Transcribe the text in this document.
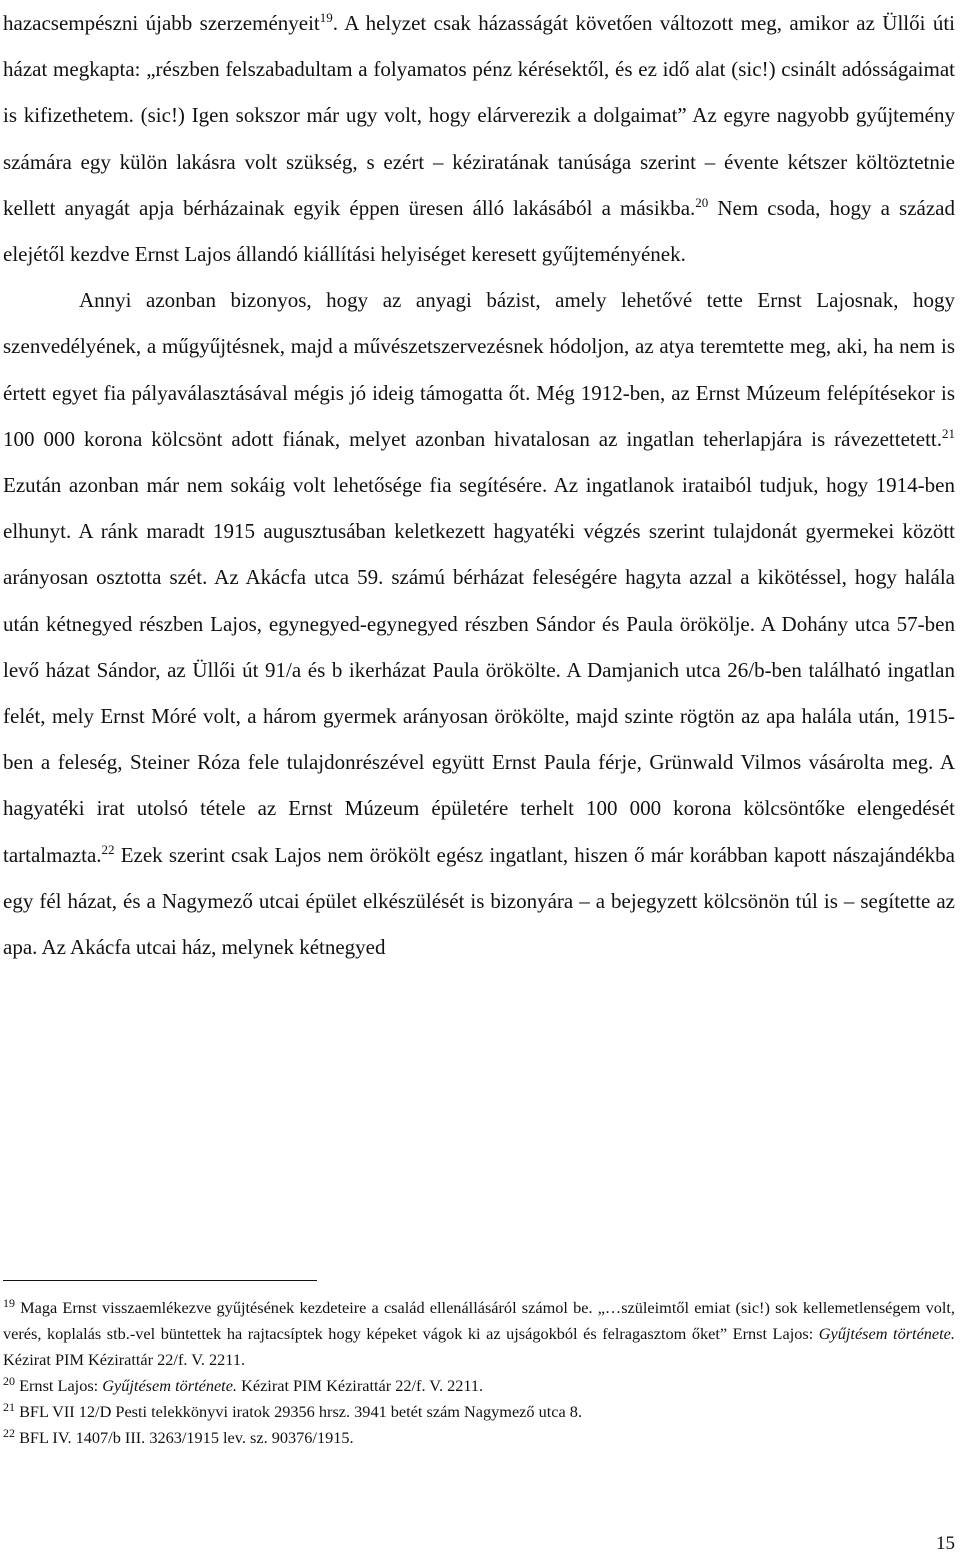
hazacsempészni újabb szerzeményeit$^{19}$. A helyzet csak házasságát követően változott meg, amikor az Üllői úti házat megkapta: „részben felszabadultam a folyamatos pénz kérésektől, és ez idő alat (sic!) csinált adósságaimat is kifizethetem. (sic!) Igen sokszor már ugy volt, hogy elárverezik a dolgaimat” Az egyre nagyobb gyűjtemény számára egy külön lakásra volt szükség, s ezért – kéziratának tanúsága szerint – évente kétszer költöztetnie kellett anyagát apja bérházainak egyik éppen üresen álló lakásából a másikba.$^{20}$ Nem csoda, hogy a század elejétől kezdve Ernst Lajos állandó kiállítási helyiséget keresett gyűjteményének.

Annyi azonban bizonyos, hogy az anyagi bázist, amely lehetővé tette Ernst Lajosnak, hogy szenvedélyének, a műgyűjtésnek, majd a művészetszervezésnek hódoljon, az atya teremtette meg, aki, ha nem is értett egyet fia pályaválasztásával mégis jó ideig támogatta őt. Még 1912-ben, az Ernst Múzeum felépítésekor is 100 000 korona kölcsönt adott fiának, melyet azonban hivatalosan az ingatlan teherlapjára is rávezettetett.$^{21}$ Ezután azonban már nem sokáig volt lehetősége fia segítésére. Az ingatlanok irataiból tudjuk, hogy 1914-ben elhunyt. A ránk maradt 1915 augusztusában keletkezett hagyatéki végzés szerint tulajdonát gyermekei között arányosan osztotta szét. Az Akácfa utca 59. számú bérházat feleségére hagyta azzal a kikötéssel, hogy halála után kétnegyed részben Lajos, egynegyed-egynegyed részben Sándor és Paula örökölje. A Dohány utca 57-ben levő házat Sándor, az Üllői út 91/a és b ikerházat Paula örökölte. A Damjanich utca 26/b-ben található ingatlan felét, mely Ernst Móré volt, a három gyermek arányosan örökölte, majd szinte rögtön az apa halála után, 1915-ben a feleség, Steiner Róza fele tulajdonrészével együtt Ernst Paula férje, Grünwald Vilmos vásárolta meg. A hagyatéki irat utolsó tétele az Ernst Múzeum épületére terhelt 100 000 korona kölcsöntőke elengedését tartalmazta.$^{22}$ Ezek szerint csak Lajos nem örökölt egész ingatlant, hiszen ő már korábban kapott nászajándékba egy fél házat, és a Nagymező utcai épület elkészülését is bizonyára – a bejegyzett kölcsönön túl is – segítette az apa. Az Akácfa utcai ház, melynek kétnegyed

$^{19}$ Maga Ernst visszaemlékezve gyűjtésének kezdeteire a család ellenállásáról számol be. „…szüleimtől emiat (sic!) sok kellemetlenségem volt, verés, koplalás stb.-vel büntettek ha rajtacsíptek hogy képeket vágok ki az ujságokból és felragasztom őket” Ernst Lajos: Gyűjtésem története. Kézirat PIM Kézirattár 22/f. V. 2211.

$^{20}$ Ernst Lajos: Gyűjtésem története. Kézirat PIM Kézirattár 22/f. V. 2211.

$^{21}$ BFL VII 12/D Pesti telekkönyvi iratok 29356 hrsz. 3941 betét szám Nagymező utca 8.

$^{22}$ BFL IV. 1407/b III. 3263/1915 lev. sz. 90376/1915.

15
